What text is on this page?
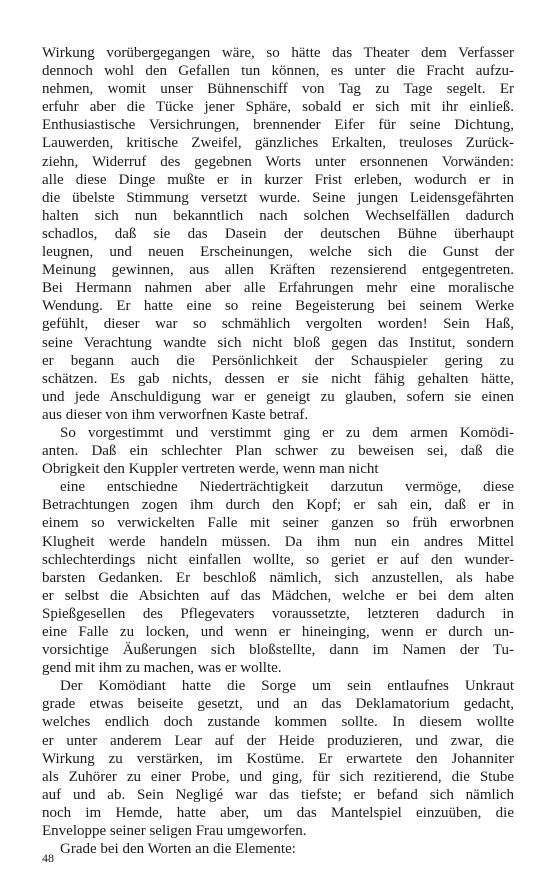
Wirkung vorübergegangen wäre, so hätte das Theater dem Verfasser
dennoch wohl den Gefallen tun können, es unter die Fracht aufzu-
nehmen, womit unser Bühnenschiff von Tag zu Tage segelt. Er
erfuhr aber die Tücke jener Sphäre, sobald er sich mit ihr einließ.
Enthusiastische Versichrungen, brennender Eifer für seine Dichtung,
Lauwerden, kritische Zweifel, gänzliches Erkalten, treuloses Zurück-
ziehn, Widerruf des gegebnen Worts unter ersonnenen Vorwänden:
alle diese Dinge mußte er in kurzer Frist erleben, wodurch er in
die übelste Stimmung versetzt wurde. Seine jungen Leidensgefährten
halten sich nun bekanntlich nach solchen Wechselfällen dadurch
schadlos, daß sie das Dasein der deutschen Bühne überhaupt
leugnen, und neuen Erscheinungen, welche sich die Gunst der
Meinung gewinnen, aus allen Kräften rezensierend entgegentreten.
Bei Hermann nahmen aber alle Erfahrungen mehr eine moralische
Wendung. Er hatte eine so reine Begeisterung bei seinem Werke
gefühlt, dieser war so schmählich vergolten worden! Sein Haß,
seine Verachtung wandte sich nicht bloß gegen das Institut, sondern
er begann auch die Persönlichkeit der Schauspieler gering zu
schätzen. Es gab nichts, dessen er sie nicht fähig gehalten hätte,
und jede Anschuldigung war er geneigt zu glauben, sofern sie einen
aus dieser von ihm verworfnen Kaste betraf.
So vorgestimmt und verstimmt ging er zu dem armen Komödi-
anten. Daß ein schlechter Plan schwer zu beweisen sei, daß die
Obrigkeit den Kuppler vertreten werde, wenn man nicht
eine entschiedne Niederträchtigkeit darzutun vermöge, diese
Betrachtungen zogen ihm durch den Kopf; er sah ein, daß er in
einem so verwickelten Falle mit seiner ganzen so früh erworbnen
Klugheit werde handeln müssen. Da ihm nun ein andres Mittel
schlechterdings nicht einfallen wollte, so geriet er auf den wunder-
barsten Gedanken. Er beschloß nämlich, sich anzustellen, als habe
er selbst die Absichten auf das Mädchen, welche er bei dem alten
Spießgesellen des Pflegevaters voraussetzte, letzteren dadurch in
eine Falle zu locken, und wenn er hineinging, wenn er durch un-
vorsichtige Äußerungen sich bloßstellte, dann im Namen der Tu-
gend mit ihm zu machen, was er wollte.
Der Komödiant hatte die Sorge um sein entlaufnes Unkraut
grade etwas beiseite gesetzt, und an das Deklamatorium gedacht,
welches endlich doch zustande kommen sollte. In diesem wollte
er unter anderem Lear auf der Heide produzieren, und zwar, die
Wirkung zu verstärken, im Kostüme. Er erwartete den Johanniter
als Zuhörer zu einer Probe, und ging, für sich rezitierend, die Stube
auf und ab. Sein Negligé war das tiefste; er befand sich nämlich
noch im Hemde, hatte aber, um das Mantelspiel einzuüben, die
Enveloppe seiner seligen Frau umgeworfen.
Grade bei den Worten an die Elemente:
48
